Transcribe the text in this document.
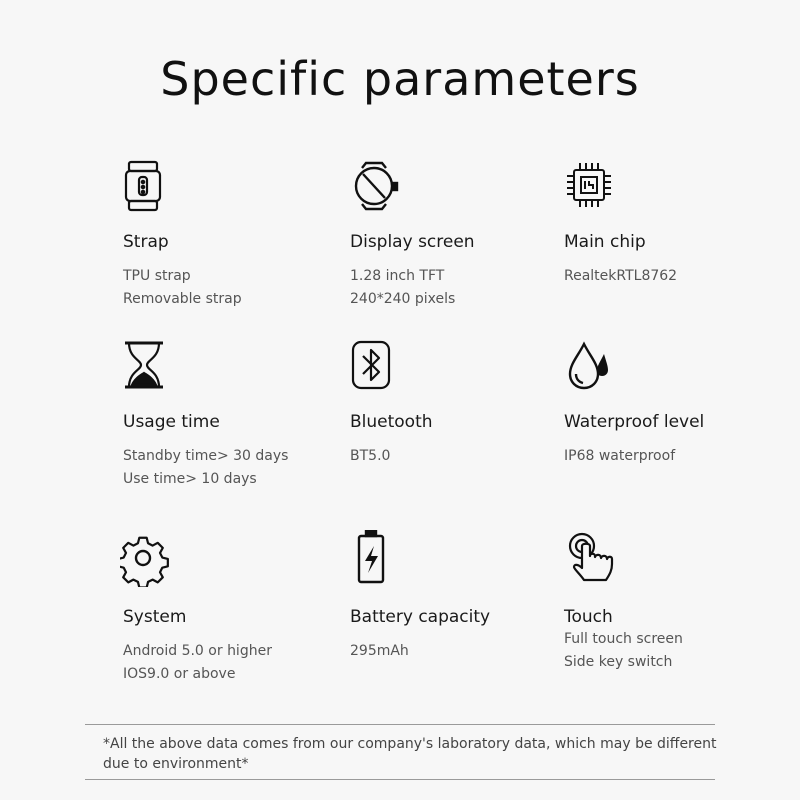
Specific parameters
Strap
TPU strap
Removable strap
Display screen
1.28 inch TFT
240*240 pixels
Main chip
RealtekRTL8762
Usage time
Standby time> 30 days
Use time> 10 days
Bluetooth
BT5.0
Waterproof level
IP68 waterproof
System
Android 5.0 or higher
IOS9.0 or above
Battery capacity
295mAh
Touch
Full touch screen
Side key switch
*All the above data comes from our company's laboratory data, which may be different due to environment*
